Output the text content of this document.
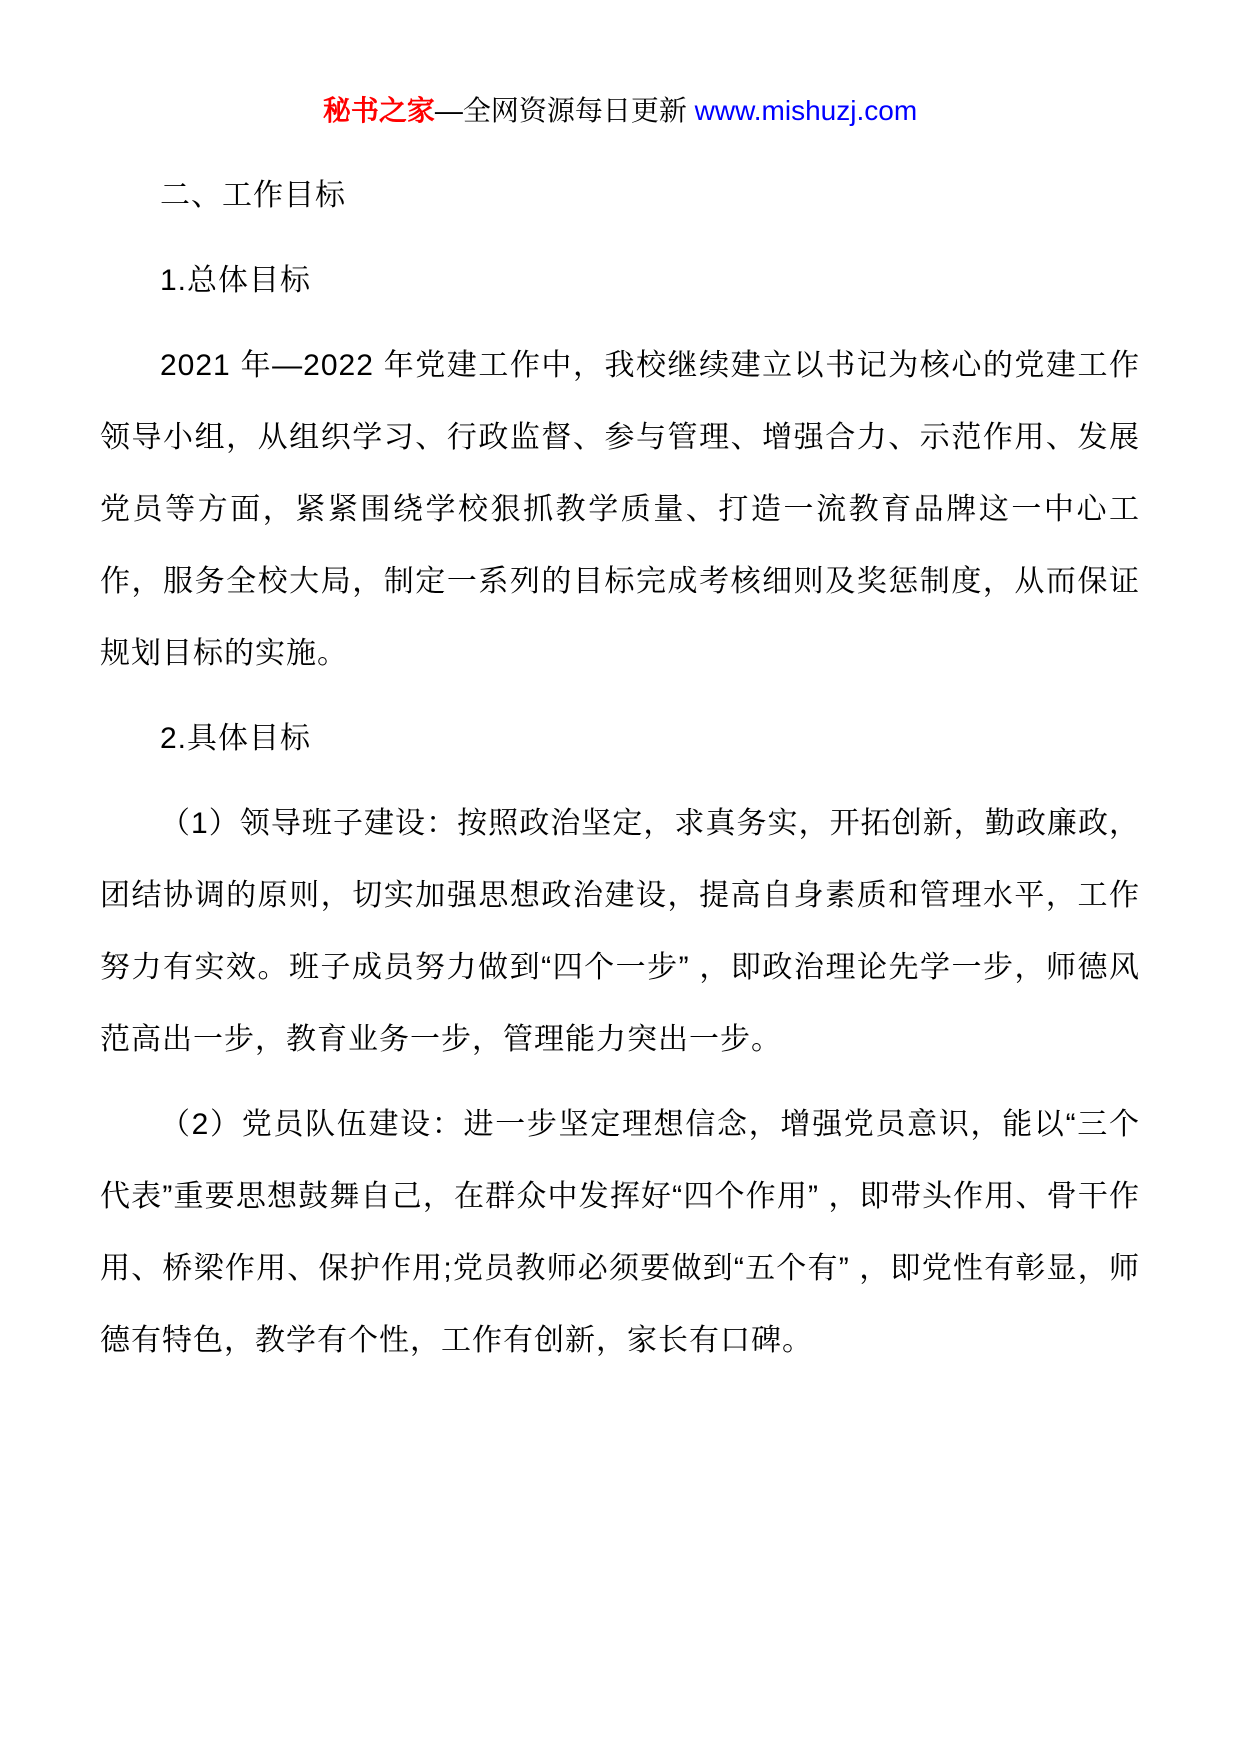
秘书之家—全网资源每日更新 www.mishuzj.com

二、工作目标

1.总体目标

2021 年—2022 年党建工作中，我校继续建立以书记为核心的党建工作领导小组，从组织学习、行政监督、参与管理、增强合力、示范作用、发展党员等方面，紧紧围绕学校狠抓教学质量、打造一流教育品牌这一中心工作，服务全校大局，制定一系列的目标完成考核细则及奖惩制度，从而保证规划目标的实施。

2.具体目标

（1）领导班子建设：按照政治坚定，求真务实，开拓创新，勤政廉政，团结协调的原则，切实加强思想政治建设，提高自身素质和管理水平，工作努力有实效。班子成员努力做到“四个一步” ，即政治理论先学一步，师德风范高出一步，教育业务一步，管理能力突出一步。

（2）党员队伍建设：进一步坚定理想信念，增强党员意识，能以“三个代表”重要思想鼓舞自己，在群众中发挥好“四个作用” ，即带头作用、骨干作用、桥梁作用、保护作用;党员教师必须要做到“五个有” ，即党性有彰显，师德有特色，教学有个性，工作有创新，家长有口碑。
